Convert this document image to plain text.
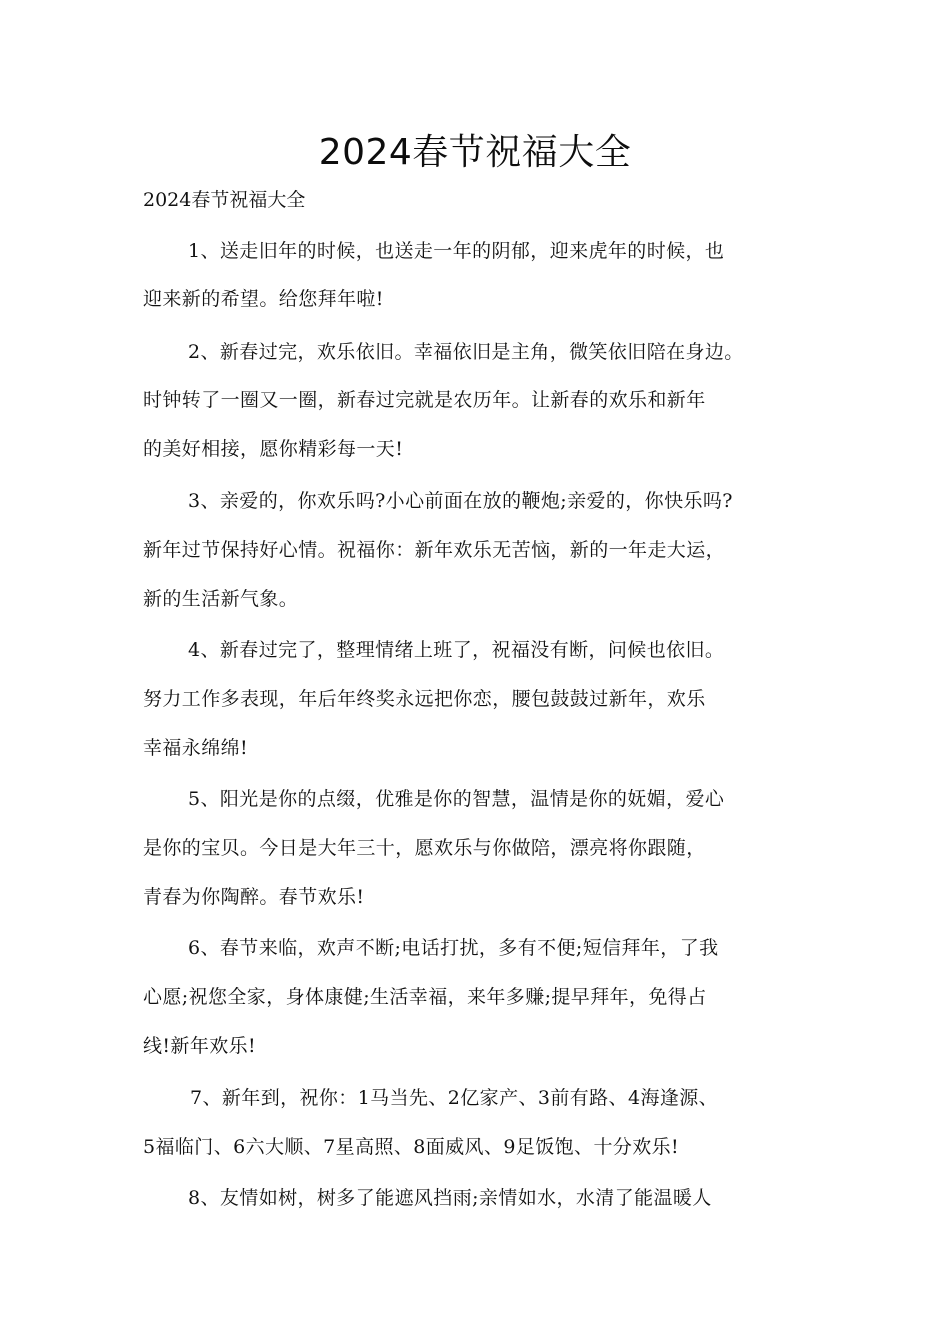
2024春节祝福大全
2024春节祝福大全
1、送走旧年的时候，也送走一年的阴郁，迎来虎年的时候，也
迎来新的希望。给您拜年啦!
2、新春过完，欢乐依旧。幸福依旧是主角，微笑依旧陪在身边。
时钟转了一圈又一圈，新春过完就是农历年。让新春的欢乐和新年
的美好相接，愿你精彩每一天!
3、亲爱的，你欢乐吗?小心前面在放的鞭炮;亲爱的，你快乐吗?
新年过节保持好心情。祝福你：新年欢乐无苦恼，新的一年走大运，
新的生活新气象。
4、新春过完了，整理情绪上班了，祝福没有断，问候也依旧。
努力工作多表现，年后年终奖永远把你恋，腰包鼓鼓过新年，欢乐
幸福永绵绵!
5、阳光是你的点缀，优雅是你的智慧，温情是你的妩媚，爱心
是你的宝贝。今日是大年三十，愿欢乐与你做陪，漂亮将你跟随，
青春为你陶醉。春节欢乐!
6、春节来临，欢声不断;电话打扰，多有不便;短信拜年，了我
心愿;祝您全家，身体康健;生活幸福，来年多赚;提早拜年，免得占
线!新年欢乐!
7、新年到，祝你：1马当先、2亿家产、3前有路、4海逢源、
5福临门、6六大顺、7星高照、8面威风、9足饭饱、十分欢乐!
8、友情如树，树多了能遮风挡雨;亲情如水，水清了能温暖人
